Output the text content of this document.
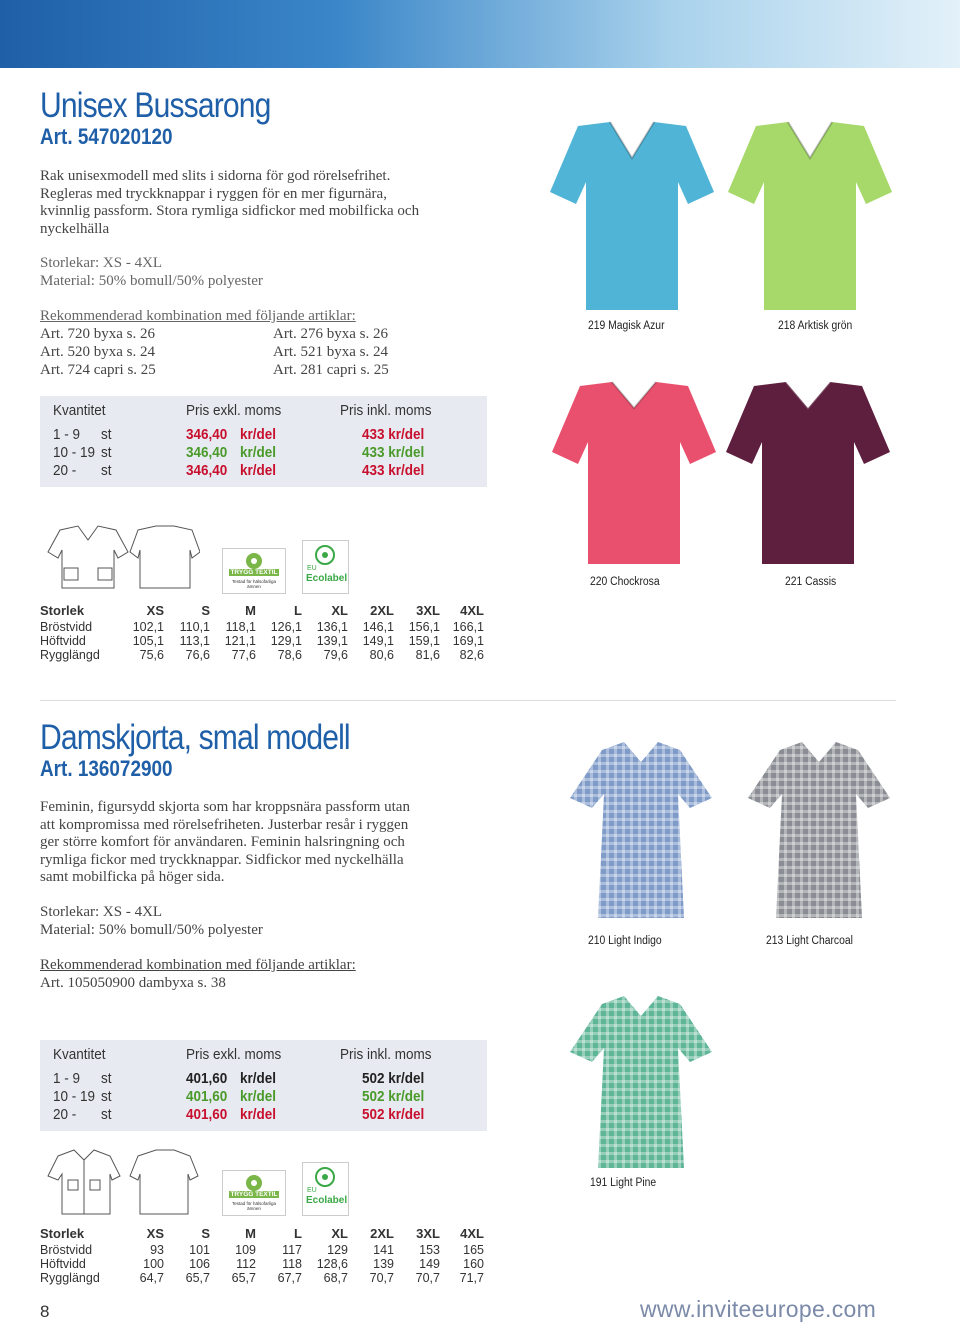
Unisex Bussarong
Art. 547020120
Rak unisexmodell med slits i sidorna för god rörelsefrihet.
Regleras med tryckknappar i ryggen för en mer figurnära,
kvinnlig passform. Stora rymliga sidfickor med mobilficka och
nyckelhälla
Storlekar: XS - 4XL
Material: 50% bomull/50% polyester
Rekommenderad kombination med följande artiklar:
Art. 720 byxa s. 26	Art. 276 byxa s. 26
Art. 520 byxa s. 24	Art. 521 byxa s. 24
Art. 724 capri s. 25	Art. 281 capri s. 25
Kvantitet	Pris exkl. moms	Pris inkl. moms
1 - 9 st	346,40 kr/del	433 kr/del
10 - 19 st	346,40 kr/del	433 kr/del
20 - st	346,40 kr/del	433 kr/del
TRYGG TEXTIL
Testad för hälsofarliga ämnen
EU
Ecolabel
Storlek	XS	S	M	L	XL	2XL	3XL	4XL
Bröstvidd	102,1	110,1	118,1	126,1	136,1	146,1	156,1	166,1
Höftvidd	105,1	113,1	121,1	129,1	139,1	149,1	159,1	169,1
Rygglängd	75,6	76,6	77,6	78,6	79,6	80,6	81,6	82,6
219 Magisk Azur	218 Arktisk grön
220 Chockrosa	221 Cassis
Damskjorta, smal modell
Art. 136072900
Feminin, figursydd skjorta som har kroppsnära passform utan
att kompromissa med rörelsefriheten. Justerbar resår i ryggen
ger större komfort för användaren. Feminin halsringning och
rymliga fickor med tryckknappar. Sidfickor med nyckelhälla
samt mobilficka på höger sida.
Storlekar: XS - 4XL
Material: 50% bomull/50% polyester
Rekommenderad kombination med följande artiklar:
Art. 105050900 dambyxa s. 38
Kvantitet	Pris exkl. moms	Pris inkl. moms
1 - 9 st	401,60 kr/del	502 kr/del
10 - 19 st	401,60 kr/del	502 kr/del
20 - st	401,60 kr/del	502 kr/del
TRYGG TEXTIL
Testad för hälsofarliga ämnen
EU
Ecolabel
Storlek	XS	S	M	L	XL	2XL	3XL	4XL
Bröstvidd	93	101	109	117	129	141	153	165
Höftvidd	100	106	112	118	128,6	139	149	160
Rygglängd	64,7	65,7	65,7	67,7	68,7	70,7	70,7	71,7
210 Light Indigo	213 Light Charcoal
191 Light Pine
8	www.inviteeurope.com
